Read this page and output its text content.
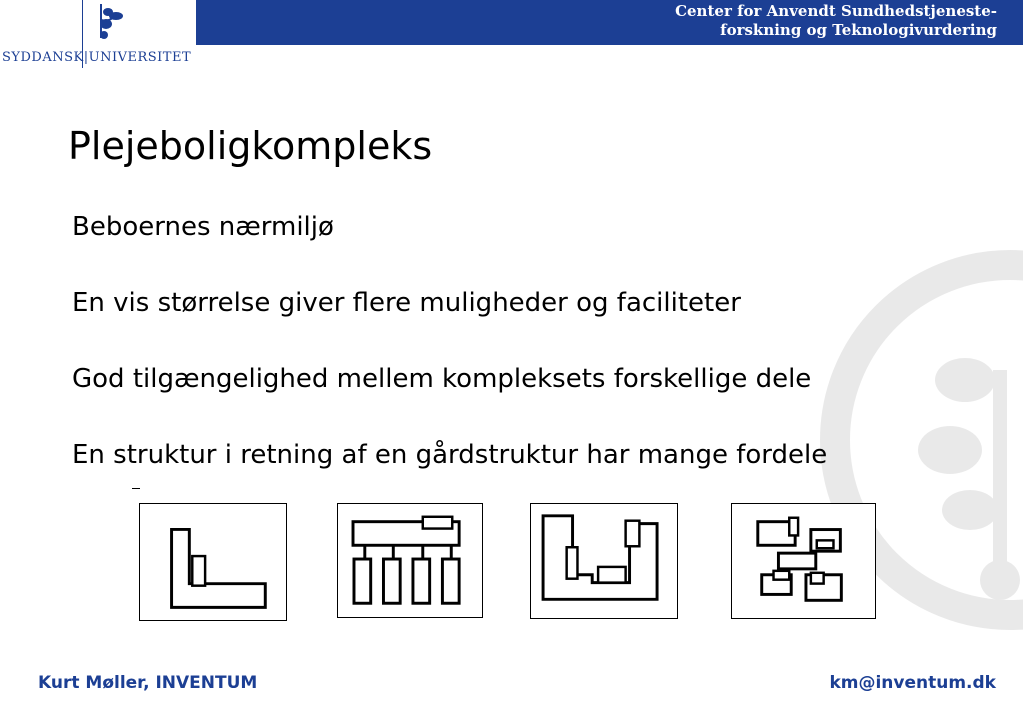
SYDDANSK|UNIVERSITET
Center for Anvendt Sundhedstjeneste-
forskning og Teknologivurdering
Plejeboligkompleks
Beboernes nærmiljø
En vis størrelse giver flere muligheder og faciliteter
God tilgængelighed mellem kompleksets forskellige dele
En struktur i retning af en gårdstruktur har mange fordele
Kurt Møller, INVENTUM	km@inventum.dk
